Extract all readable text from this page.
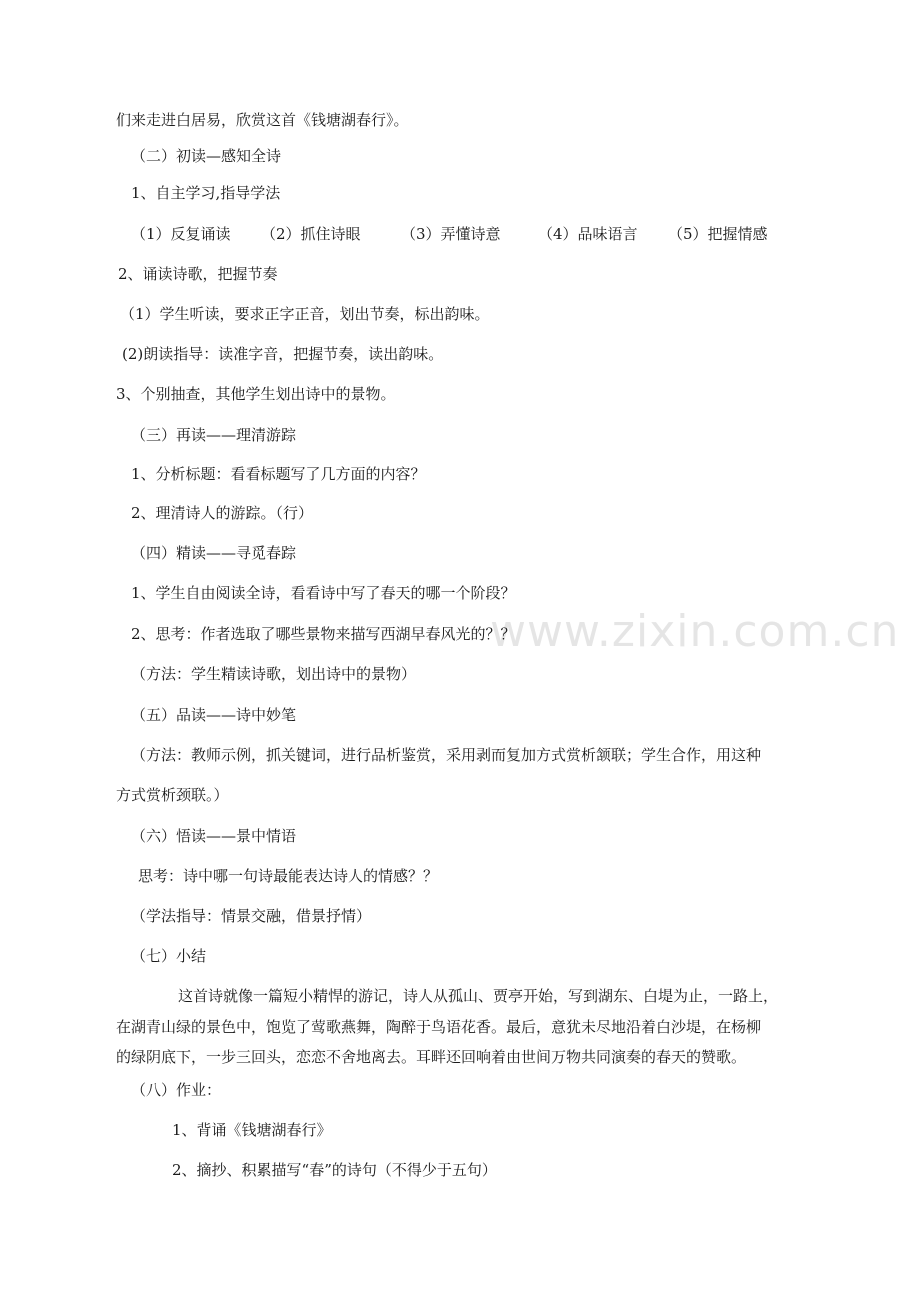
www.zixin.com.cn
们来走进白居易，欣赏这首《钱塘湖春行》。
（二）初读—感知全诗
1、自主学习,指导学法
（1）反复诵读 （2）抓住诗眼	（3）弄懂诗意 （4）品味语言 （5）把握情感
2、诵读诗歌，把握节奏
（1）学生听读，要求正字正音，划出节奏，标出韵味。
(2)朗读指导：读准字音，把握节奏，读出韵味。
3、个别抽查，其他学生划出诗中的景物。
（三）再读——理清游踪
1、分析标题：看看标题写了几方面的内容？
2、理清诗人的游踪。（行）
（四）精读——寻觅春踪
1、学生自由阅读全诗，看看诗中写了春天的哪一个阶段？
2、思考：作者选取了哪些景物来描写西湖早春风光的？？
（方法：学生精读诗歌，划出诗中的景物）
（五）品读——诗中妙笔
（方法：教师示例，抓关键词，进行品析鉴赏，采用剥而复加方式赏析颔联；学生合作，用这种
方式赏析颈联。）
（六）悟读——景中情语
思考：诗中哪一句诗最能表达诗人的情感？？
（学法指导：情景交融，借景抒情）
（七）小结
这首诗就像一篇短小精悍的游记，诗人从孤山、贾亭开始，写到湖东、白堤为止，一路上，
在湖青山绿的景色中，饱览了莺歌燕舞，陶醉于鸟语花香。最后，意犹未尽地沿着白沙堤，在杨柳
的绿阴底下，一步三回头，恋恋不舍地离去。耳畔还回响着由世间万物共同演奏的春天的赞歌。
（八）作业：
1、背诵《钱塘湖春行》
2、摘抄、积累描写“春”的诗句（不得少于五句）
